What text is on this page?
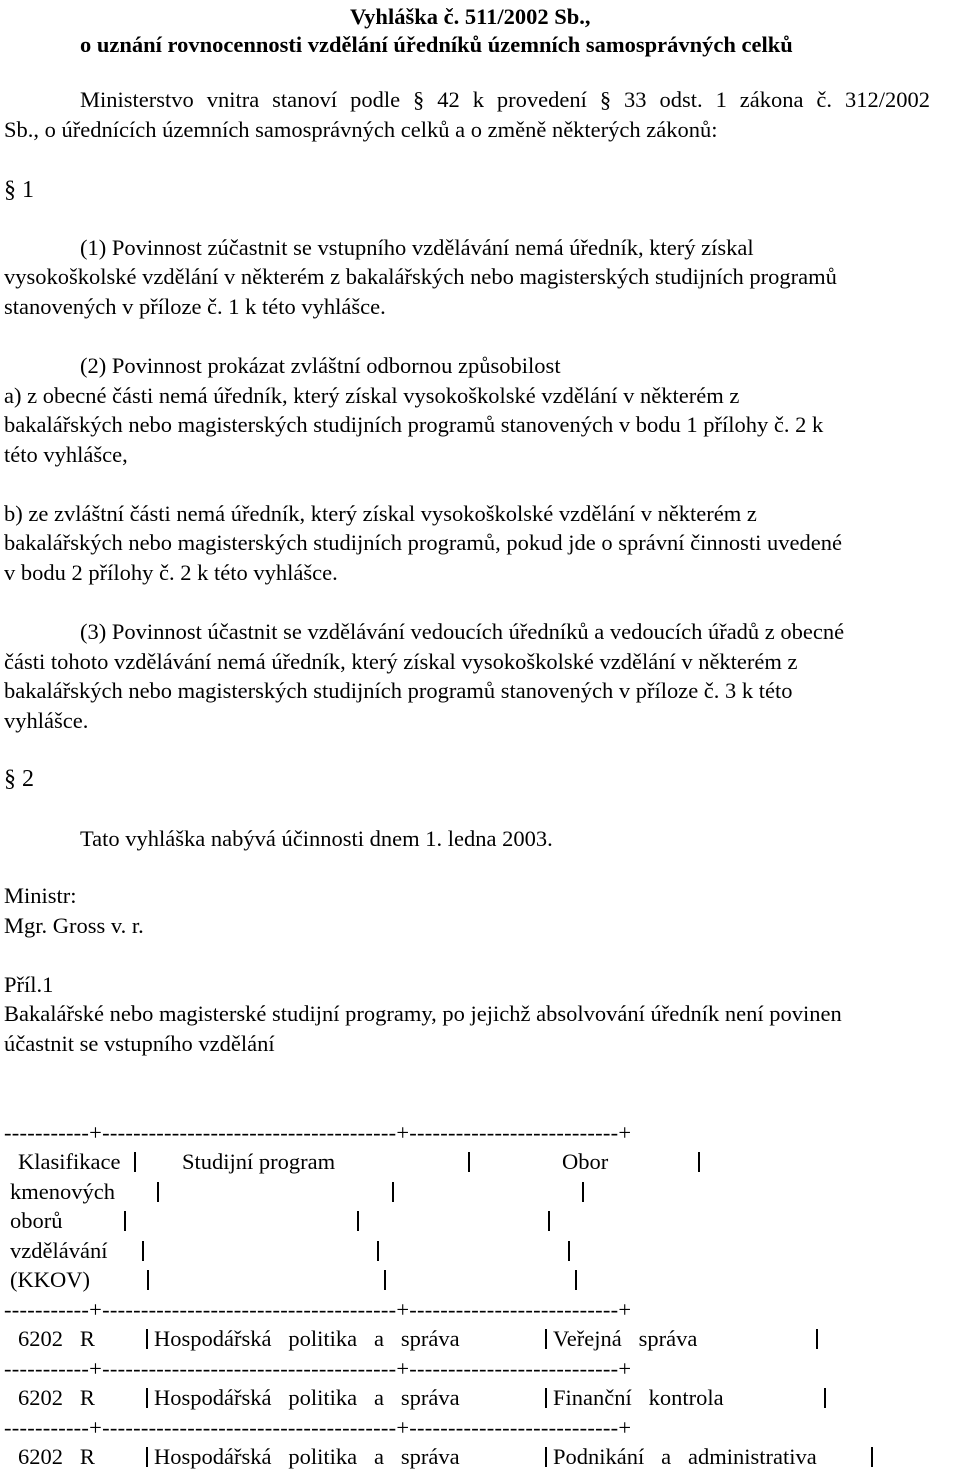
Vyhláška č. 511/2002 Sb.,
o uznání rovnocennosti vzdělání úředníků územních samosprávných celků
Ministerstvo vnitra stanoví podle § 42 k provedení § 33 odst. 1 zákona č. 312/2002
Sb., o úřednících územních samosprávných celků a o změně některých zákonů:
§ 1
(1) Povinnost zúčastnit se vstupního vzdělávání nemá úředník, který získal
vysokoškolské vzdělání v některém z bakalářských nebo magisterských studijních programů
stanovených v příloze č. 1 k této vyhlášce.
(2) Povinnost prokázat zvláštní odbornou způsobilost
a) z obecné části nemá úředník, který získal vysokoškolské vzdělání v některém z
bakalářských nebo magisterských studijních programů stanovených v bodu 1 přílohy č. 2 k
této vyhlášce,
b) ze zvláštní části nemá úředník, který získal vysokoškolské vzdělání v některém z
bakalářských nebo magisterských studijních programů, pokud jde o správní činnosti uvedené
v bodu 2 přílohy č. 2 k této vyhlášce.
(3) Povinnost účastnit se vzdělávání vedoucích úředníků a vedoucích úřadů z obecné
části tohoto vzdělávání nemá úředník, který získal vysokoškolské vzdělání v některém z
bakalářských nebo magisterských studijních programů stanovených v příloze č. 3 k této
vyhlášce.
§ 2
Tato vyhláška nabývá účinnosti dnem 1. ledna 2003.
Ministr:
Mgr. Gross v. r.
Příl.1
Bakalářské nebo magisterské studijní programy, po jejichž absolvování úředník není povinen
účastnit se vstupního vzdělání
-----------+--------------------------------------+---------------------------+
Klasifikace	Studijní program	Obor
kmenových
oborů
vzdělávání
(KKOV)
-----------+--------------------------------------+---------------------------+
6202   R	Hospodářská   politika   a   správa	Veřejná   správa
-----------+--------------------------------------+---------------------------+
6202   R	Hospodářská   politika   a   správa	Finanční   kontrola
-----------+--------------------------------------+---------------------------+
6202   R	Hospodářská   politika   a   správa	Podnikání   a   administrativa
